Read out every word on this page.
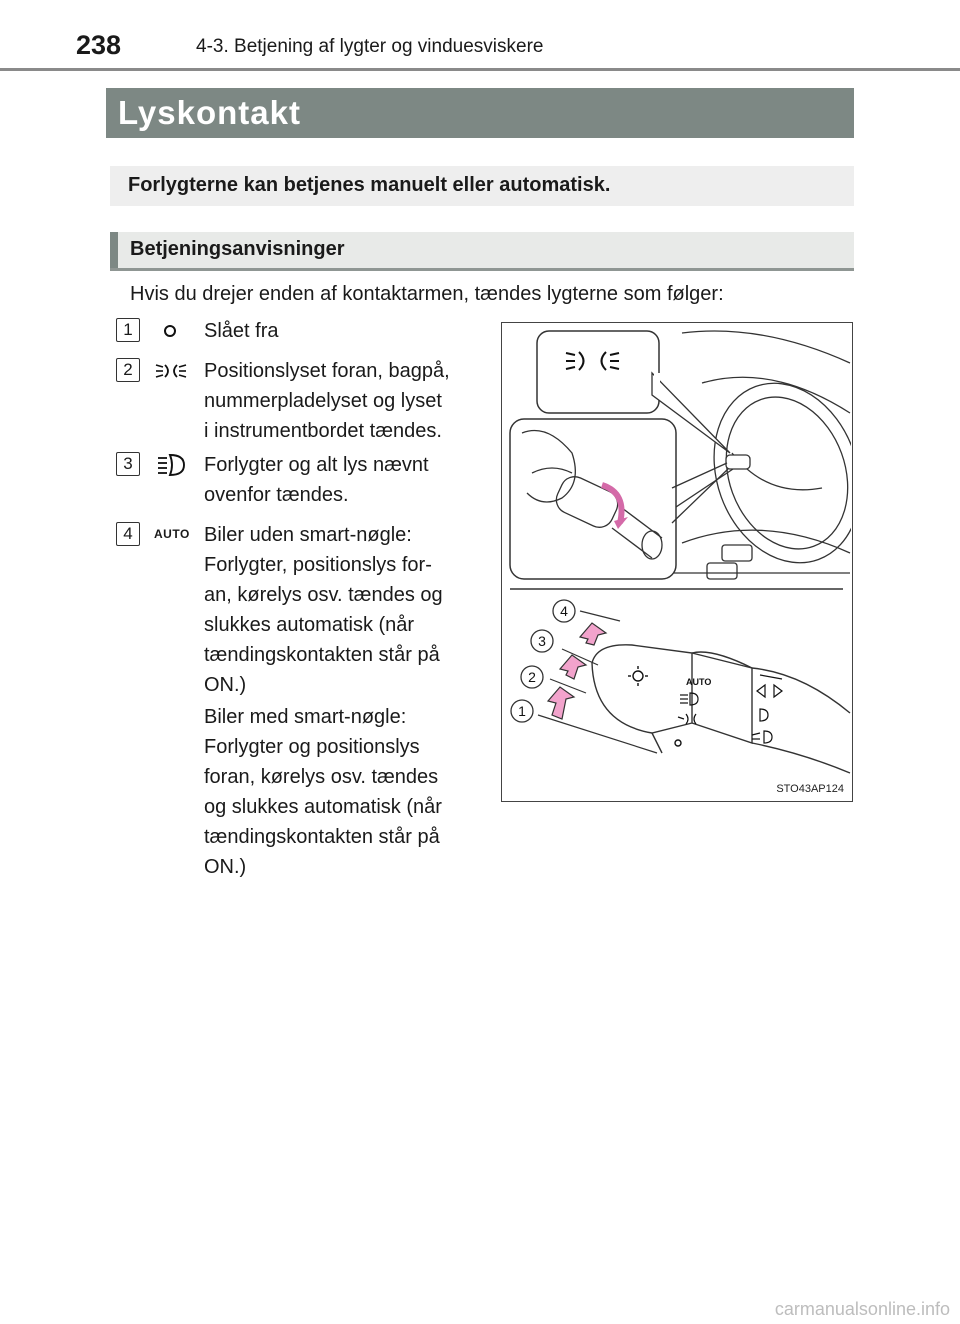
238	4-3. Betjening af lygter og vinduesviskere
Lyskontakt
Forlygterne kan betjenes manuelt eller automatisk.
Betjeningsanvisninger
Hvis du drejer enden af kontaktarmen, tændes lygterne som følger:
1	Slået fra
2	Positionslyset foran, bagpå,
nummerpladelyset og lyset
i instrumentbordet tændes.
3	Forlygter og alt lys nævnt
ovenfor tændes.
4	AUTO Biler uden smart-nøgle:
Forlygter, positionslys for-
an, kørelys osv. tændes og
slukkes automatisk (når
tændingskontakten står på
ON.)
Biler med smart-nøgle:
Forlygter og positionslys
foran, kørelys osv. tændes
og slukkes automatisk (når
tændingskontakten står på
ON.)
AUTO
4
3
2
1
STO43AP124
carmanualsonline.info
